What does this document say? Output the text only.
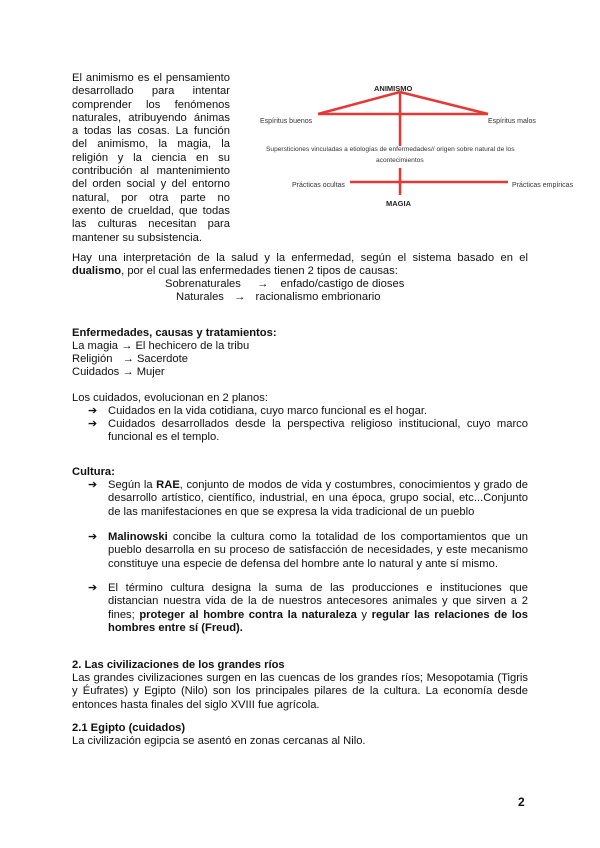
El animismo es el pensamiento
desarrollado para intentar
comprender los fenómenos
naturales, atribuyendo ánimas
a todas las cosas. La función
del animismo, la magia, la
religión y la ciencia en su
contribución al mantenimiento
del orden social y del entorno
natural, por otra parte no
exento de crueldad, que todas
las culturas necesitan para
mantener su subsistencia.
ANIMISMO
Espíritus buenos	Espíritus malos
Supersticiones vinculadas a etiologías de enfermedades// origen sobre natural de los
acontecimientos
Prácticas ocultas	Prácticas empíricas
MAGIA
Hay una interpretación de la salud y la enfermedad, según el sistema basado en el
dualismo, por el cual las enfermedades tienen 2 tipos de causas:
Sobrenaturales → enfado/castigo de dioses
Naturales → racionalismo embrionario
Enfermedades, causas y tratamientos:
La magia → El hechicero de la tribu
Religión → Sacerdote
Cuidados → Mujer
Los cuidados, evolucionan en 2 planos:
➔ Cuidados en la vida cotidiana, cuyo marco funcional es el hogar.
➔ Cuidados desarrollados desde la perspectiva religioso institucional, cuyo marco funcional es el templo.
Cultura:
➔ Según la RAE, conjunto de modos de vida y costumbres, conocimientos y grado de desarrollo artístico, científico, industrial, en una época, grupo social, etc...Conjunto de las manifestaciones en que se expresa la vida tradicional de un pueblo
➔ Malinowski concibe la cultura como la totalidad de los comportamientos que un pueblo desarrolla en su proceso de satisfacción de necesidades, y este mecanismo constituye una especie de defensa del hombre ante lo natural y ante sí mismo.
➔ El término cultura designa la suma de las producciones e instituciones que distancian nuestra vida de la de nuestros antecesores animales y que sirven a 2 fines; proteger al hombre contra la naturaleza y regular las relaciones de los hombres entre sí (Freud).
2. Las civilizaciones de los grandes ríos
Las grandes civilizaciones surgen en las cuencas de los grandes ríos; Mesopotamia (Tigris y Éufrates) y Egipto (Nilo) son los principales pilares de la cultura. La economía desde entonces hasta finales del siglo XVIII fue agrícola.
2.1 Egipto (cuidados)
La civilización egipcia se asentó en zonas cercanas al Nilo.
2
